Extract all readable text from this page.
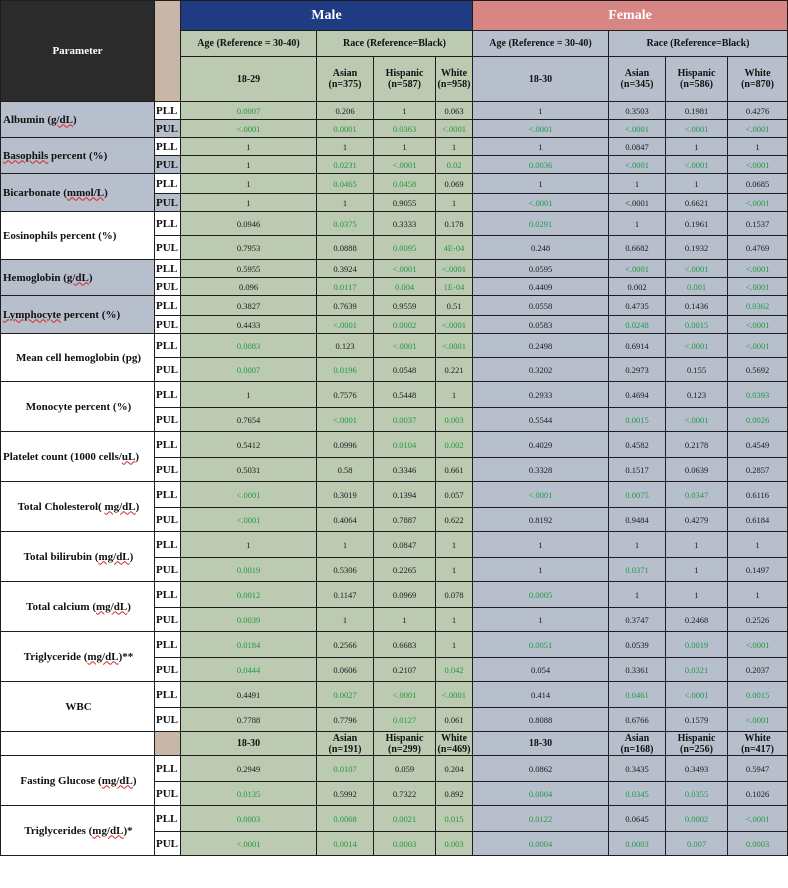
Parameter		Male				Female			
		Age (Reference = 30-40)	Race (Reference=Black)			Age (Reference = 30-40)	Race (Reference=Black)		
		18-29	Asian (n=375)	Hispanic (n=587)	White (n=958)	18-30	Asian (n=345)	Hispanic (n=586)	White (n=870)
Albumin (g/dL)	PLL	0.0007	0.206	1	0.063	1	0.3503	0.1981	0.4276
	PUL	<.0001	0.0001	0.0363	<.0001	<.0001	<.0001	<.0001	<.0001
Basophils percent (%)	PLL	1	1	1	1	1	0.0847	1	1
	PUL	1	0.0231	<.0001	0.02	0.0036	<.0001	<.0001	<.0001
Bicarbonate (mmol/L)	PLL	1	0.0465	0.0458	0.069	1	1	1	0.0685
	PUL	1	1	0.9055	1	<.0001	<.0001	0.6621	<.0001
Eosinophils percent (%)	PLL	0.0946	0.0375	0.3333	0.178	0.0291	1	0.1961	0.1537
	PUL	0.7953	0.0888	0.0095	4E-04	0.248	0.6682	0.1932	0.4769
Hemoglobin (g/dL)	PLL	0.5955	0.3924	<.0001	<.0001	0.0595	<.0001	<.0001	<.0001
	PUL	0.096	0.0117	0.004	1E-04	0.4409	0.002	0.001	<.0001
Lymphocyte percent (%)	PLL	0.3827	0.7639	0.9559	0.51	0.0558	0.4735	0.1436	0.0362
	PUL	0.4433	<.0001	0.0002	<.0001	0.0583	0.0248	0.0015	<.0001
Mean cell hemoglobin (pg)	PLL	0.0083	0.123	<.0001	<.0001	0.2498	0.6914	<.0001	<.0001
	PUL	0.0007	0.0196	0.0548	0.221	0.3202	0.2973	0.155	0.5692
Monocyte percent (%)	PLL	1	0.7576	0.5448	1	0.2933	0.4694	0.123	0.0393
	PUL	0.7654	<.0001	0.0037	0.003	0.5544	0.0015	<.0001	0.0026
Platelet count (1000 cells/uL)	PLL	0.5412	0.0996	0.0104	0.002	0.4029	0.4582	0.2178	0.4549
	PUL	0.5031	0.58	0.3346	0.661	0.3328	0.1517	0.0639	0.2857
Total Cholesterol( mg/dL)	PLL	<.0001	0.3019	0.1394	0.057	<.0001	0.0075	0.0347	0.6116
	PUL	<.0001	0.4064	0.7887	0.622	0.8192	0.9484	0.4279	0.6184
Total bilirubin (mg/dL)	PLL	1	1	0.0847	1	1	1	1	1
	PUL	0.0019	0.5306	0.2265	1	1	0.0371	1	0.1497
Total calcium (mg/dL)	PLL	0.0012	0.1147	0.0969	0.078	0.0005	1	1	1
	PUL	0.0039	1	1	1	1	0.3747	0.2468	0.2526
Triglyceride (mg/dL)**	PLL	0.0184	0.2566	0.6683	1	0.0051	0.0539	0.0019	<.0001
	PUL	0.0444	0.0606	0.2107	0.042	0.054	0.3361	0.0321	0.2037
WBC	PLL	0.4491	0.0027	<.0001	<.0001	0.414	0.0461	<.0001	0.0015
	PUL	0.7788	0.7796	0.0127	0.061	0.8088	0.6766	0.1579	<.0001
		18-30	Asian (n=191)	Hispanic (n=299)	White (n=469)	18-30	Asian (n=168)	Hispanic (n=256)	White (n=417)
Fasting Glucose (mg/dL)	PLL	0.2949	0.0107	0.059	0.204	0.0862	0.3435	0.3493	0.5947
	PUL	0.0135	0.5992	0.7322	0.892	0.0004	0.0345	0.0355	0.1026
Triglycerides (mg/dL)*	PLL	0.0003	0.0068	0.0021	0.015	0.0122	0.0645	0.0002	<.0001
	PUL	<.0001	0.0014	0.0003	0.003	0.0004	0.0003	0.007	0.0003
